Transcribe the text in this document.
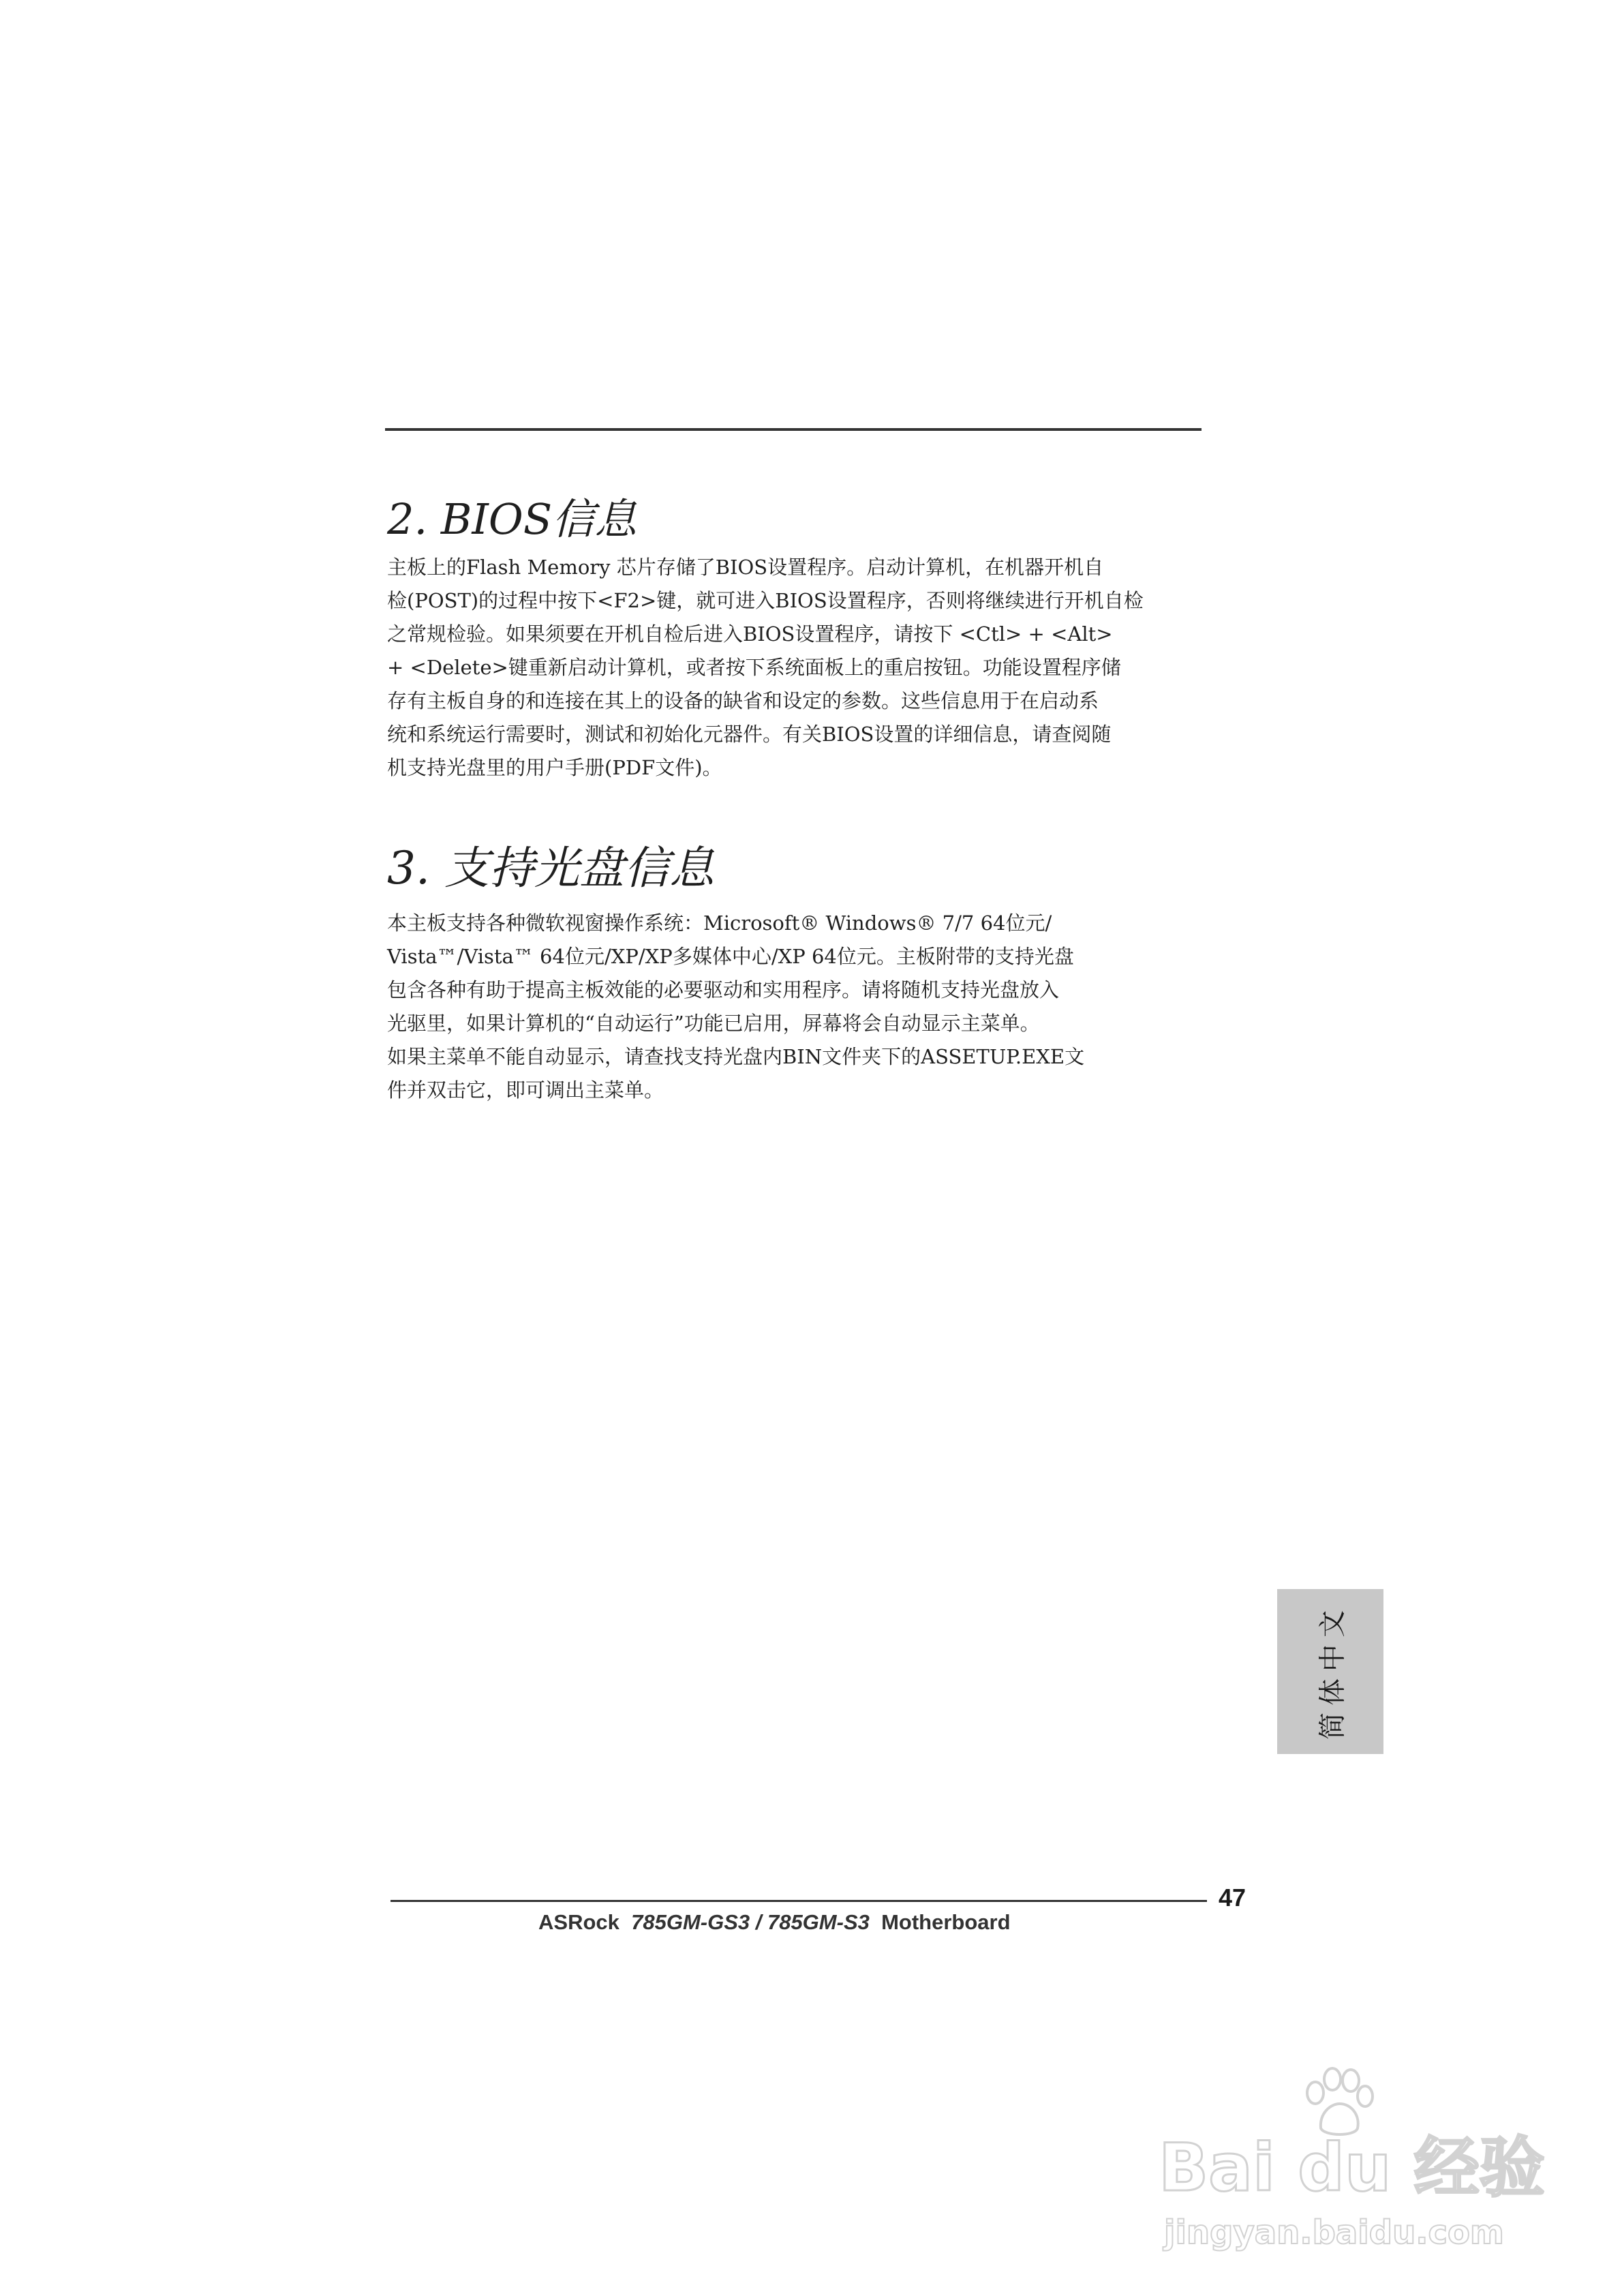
2. BIOS信息
主板上的Flash Memory 芯片存储了BIOS设置程序。启动计算机，在机器开机自
检(POST)的过程中按下<F2>键，就可进入BIOS设置程序，否则将继续进行开机自检
之常规检验。如果须要在开机自检后进入BIOS设置程序，请按下 <Ctl> + <Alt>
+ <Delete>键重新启动计算机，或者按下系统面板上的重启按钮。功能设置程序储
存有主板自身的和连接在其上的设备的缺省和设定的参数。这些信息用于在启动系
统和系统运行需要时，测试和初始化元器件。有关BIOS设置的详细信息，请查阅随
机支持光盘里的用户手册(PDF文件)。
3. 支持光盘信息
本主板支持各种微软视窗操作系统：Microsoft® Windows® 7/7 64位元/
Vista™/Vista™ 64位元/XP/XP多媒体中心/XP 64位元。主板附带的支持光盘
包含各种有助于提高主板效能的必要驱动和实用程序。请将随机支持光盘放入
光驱里，如果计算机的“自动运行”功能已启用，屏幕将会自动显示主菜单。
如果主菜单不能自动显示，请查找支持光盘内BIN文件夹下的ASSETUP.EXE文
件并双击它，即可调出主菜单。
简体中文
47
ASRock 785GM-GS3 / 785GM-S3 Motherboard
Bai du 经验
jingyan.baidu.com
